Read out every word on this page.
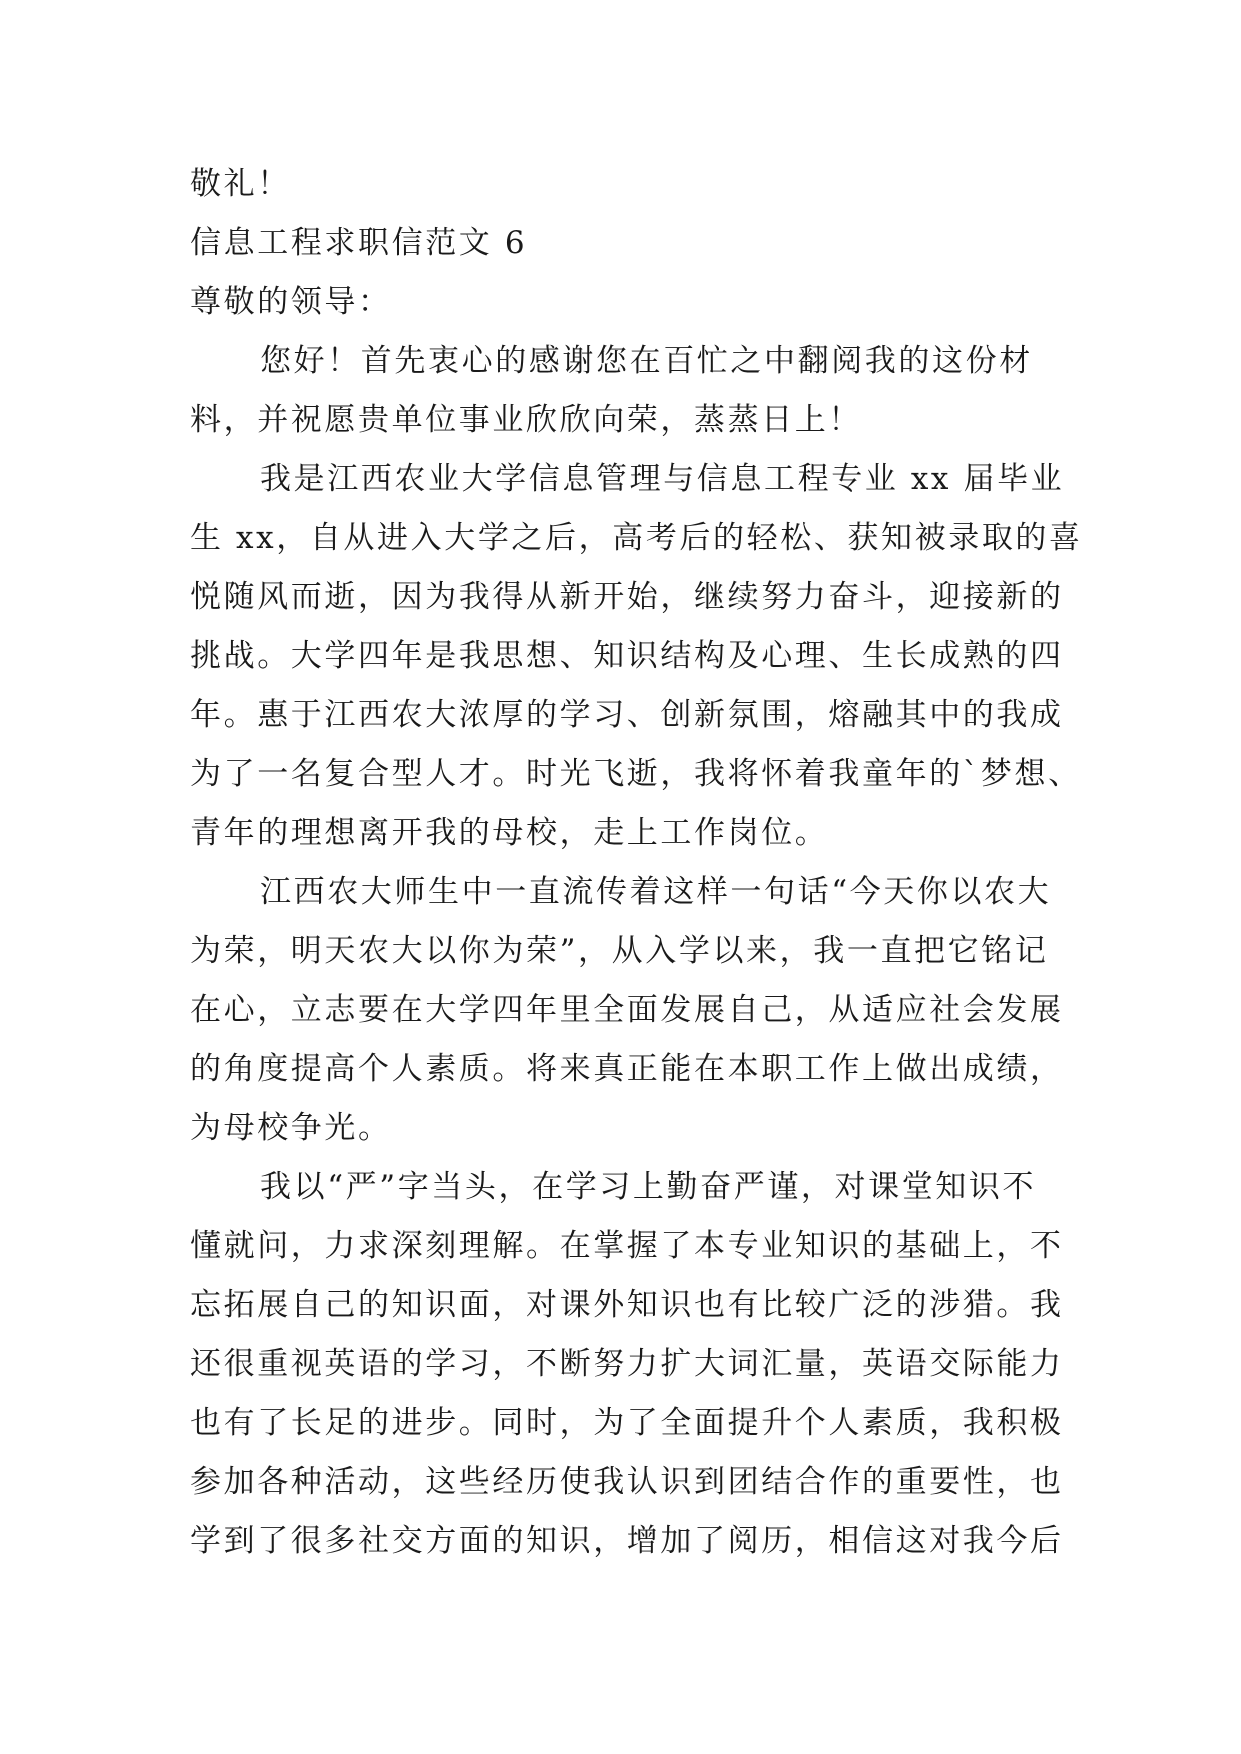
敬礼！
信息工程求职信范文 6
尊敬的领导：
您好！首先衷心的感谢您在百忙之中翻阅我的这份材
料，并祝愿贵单位事业欣欣向荣，蒸蒸日上！
我是江西农业大学信息管理与信息工程专业 xx 届毕业
生 xx，自从进入大学之后，高考后的轻松、获知被录取的喜
悦随风而逝，因为我得从新开始，继续努力奋斗，迎接新的
挑战。大学四年是我思想、知识结构及心理、生长成熟的四
年。惠于江西农大浓厚的学习、创新氛围，熔融其中的我成
为了一名复合型人才。时光飞逝，我将怀着我童年的`梦想、
青年的理想离开我的母校，走上工作岗位。
江西农大师生中一直流传着这样一句话“今天你以农大
为荣，明天农大以你为荣”，从入学以来，我一直把它铭记
在心，立志要在大学四年里全面发展自己，从适应社会发展
的角度提高个人素质。将来真正能在本职工作上做出成绩，
为母校争光。
我以“严”字当头，在学习上勤奋严谨，对课堂知识不
懂就问，力求深刻理解。在掌握了本专业知识的基础上，不
忘拓展自己的知识面，对课外知识也有比较广泛的涉猎。我
还很重视英语的学习，不断努力扩大词汇量，英语交际能力
也有了长足的进步。同时，为了全面提升个人素质，我积极
参加各种活动，这些经历使我认识到团结合作的重要性，也
学到了很多社交方面的知识，增加了阅历，相信这对我今后
